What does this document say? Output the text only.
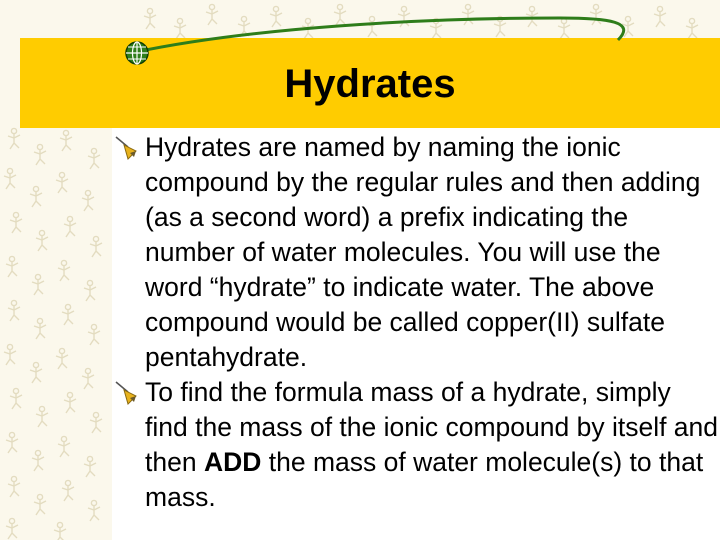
Hydrates
Hydrates are named by naming the ionic compound by the regular rules and then adding (as a second word) a prefix indicating the number of water molecules. You will use the word “hydrate” to indicate water. The above compound would be called copper(II) sulfate pentahydrate.
To find the formula mass of a hydrate, simply find the mass of the ionic compound by itself and then ADD the mass of water molecule(s) to that mass.
